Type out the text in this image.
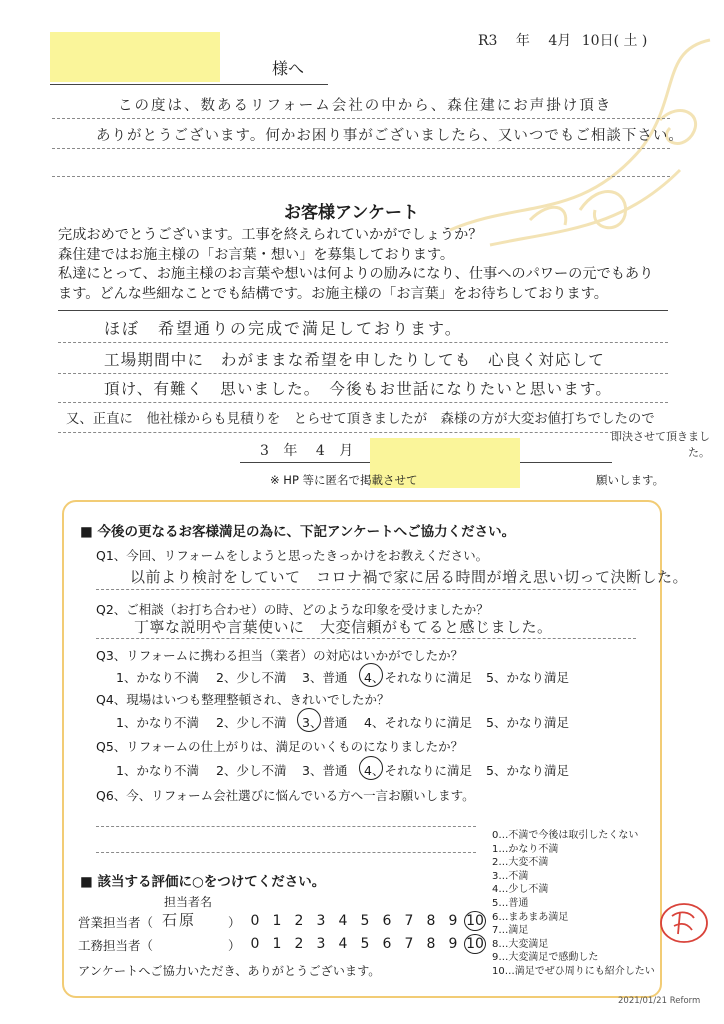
R3 年 4月 10日( 土 )
様へ
この度は、数あるリフォーム会社の中から、森住建にお声掛け頂き
ありがとうございます。何かお困り事がございましたら、又いつでもご相談下さい。
お客様アンケート
完成おめでとうございます。工事を終えられていかがでしょうか？
森住建ではお施主様の「お言葉・想い」を募集しております。
私達にとって、お施主様のお言葉や想いは何よりの励みになり、仕事へのパワーの元でもあり
ます。どんな些細なことでも結構です。お施主様の「お言葉」をお待ちしております。
ほぼ　希望通りの完成で満足しております。
工場期間中に　わがままな希望を申したりしても　心良く対応して
頂け、有難く　思いました。　今後もお世話になりたいと思います。
又、正直に　他社様からも見積りを　とらせて頂きましたが　森様の方が大変お値打ちでしたので
即決させて頂きました。
3 年 4 月
※ HP 等に匿名で掲載させて	願いします。
■ 今後の更なるお客様満足の為に、下記アンケートへご協力ください。
Q1、今回、リフォームをしようと思ったきっかけをお教えください。
以前より検討をしていて　コロナ禍で家に居る時間が増え思い切って決断した。
Q2、ご相談（お打ち合わせ）の時、どのような印象を受けましたか？
丁寧な説明や言葉使いに　大変信頼がもてると感じました。
Q3、リフォームに携わる担当（業者）の対応はいかがでしたか？
1、かなり不満 2、少し不満 3、普通 4、それなりに満足 5、かなり満足
Q4、現場はいつも整理整頓され、きれいでしたか？
1、かなり不満 2、少し不満 3、普通 4、それなりに満足 5、かなり満足
Q5、リフォームの仕上がりは、満足のいくものになりましたか？
1、かなり不満 2、少し不満 3、普通 4、それなりに満足 5、かなり満足
Q6、今、リフォーム会社選びに悩んでいる方へ一言お願いします。
■ 該当する評価に○をつけてください。
担当者名
営業担当者（ 石原	） 0 1 2 3 4 5 6 7 8 9 10
工務担当者（	） 0 1 2 3 4 5 6 7 8 9 10
アンケートへご協力いただき、ありがとうございます。
0…不満で今後は取引したくない
1…かなり不満
2…大変不満
3…不満
4…少し不満
5…普通
6…まあまあ満足
7…満足
8…大変満足
9…大変満足で感動した
10…満足でぜひ周りにも紹介したい
2021/01/21 Reform
